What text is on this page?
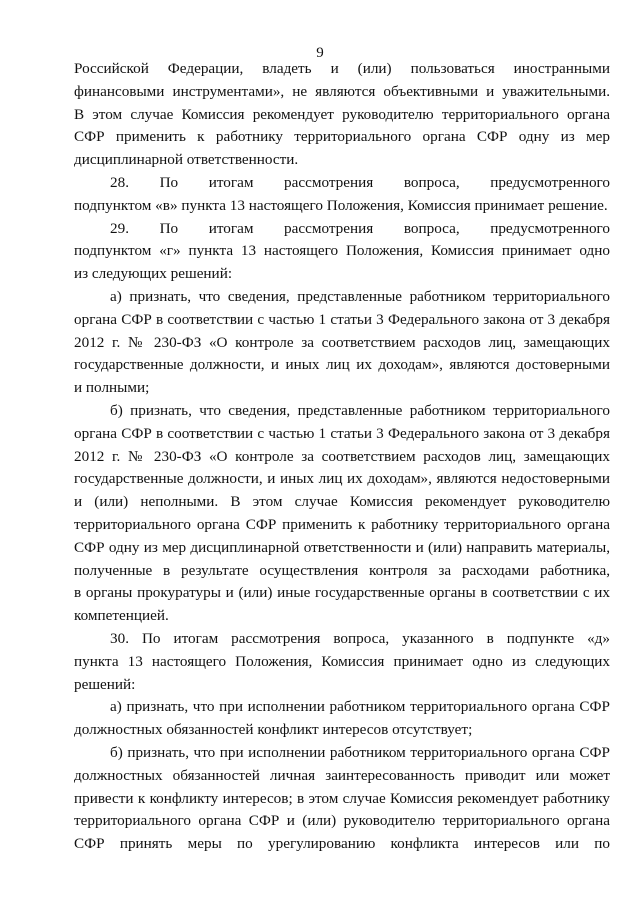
9
Российской Федерации, владеть и (или) пользоваться иностранными
финансовыми инструментами», не являются объективными и уважительными.
В этом случае Комиссия рекомендует руководителю территориального органа
СФР применить к работнику территориального органа СФР одну из мер
дисциплинарной ответственности.
28. По итогам рассмотрения вопроса, предусмотренного
подпунктом «в» пункта 13 настоящего Положения, Комиссия принимает решение.
29. По итогам рассмотрения вопроса, предусмотренного
подпунктом «г» пункта 13 настоящего Положения, Комиссия принимает одно
из следующих решений:
а) признать, что сведения, представленные работником территориального
органа СФР в соответствии с частью 1 статьи 3 Федерального закона от 3 декабря
2012 г. № 230-ФЗ «О контроле за соответствием расходов лиц, замещающих
государственные должности, и иных лиц их доходам», являются достоверными
и полными;
б) признать, что сведения, представленные работником территориального
органа СФР в соответствии с частью 1 статьи 3 Федерального закона от 3 декабря
2012 г. № 230-ФЗ «О контроле за соответствием расходов лиц, замещающих
государственные должности, и иных лиц их доходам», являются недостоверными
и (или) неполными. В этом случае Комиссия рекомендует руководителю
территориального органа СФР применить к работнику территориального органа
СФР одну из мер дисциплинарной ответственности и (или) направить материалы,
полученные в результате осуществления контроля за расходами работника,
в органы прокуратуры и (или) иные государственные органы в соответствии с их
компетенцией.
30. По итогам рассмотрения вопроса, указанного в подпункте «д»
пункта 13 настоящего Положения, Комиссия принимает одно из следующих
решений:
а) признать, что при исполнении работником территориального органа СФР
должностных обязанностей конфликт интересов отсутствует;
б) признать, что при исполнении работником территориального органа СФР
должностных обязанностей личная заинтересованность приводит или может
привести к конфликту интересов; в этом случае Комиссия рекомендует работнику
территориального органа СФР и (или) руководителю территориального органа
СФР принять меры по урегулированию конфликта интересов или по
